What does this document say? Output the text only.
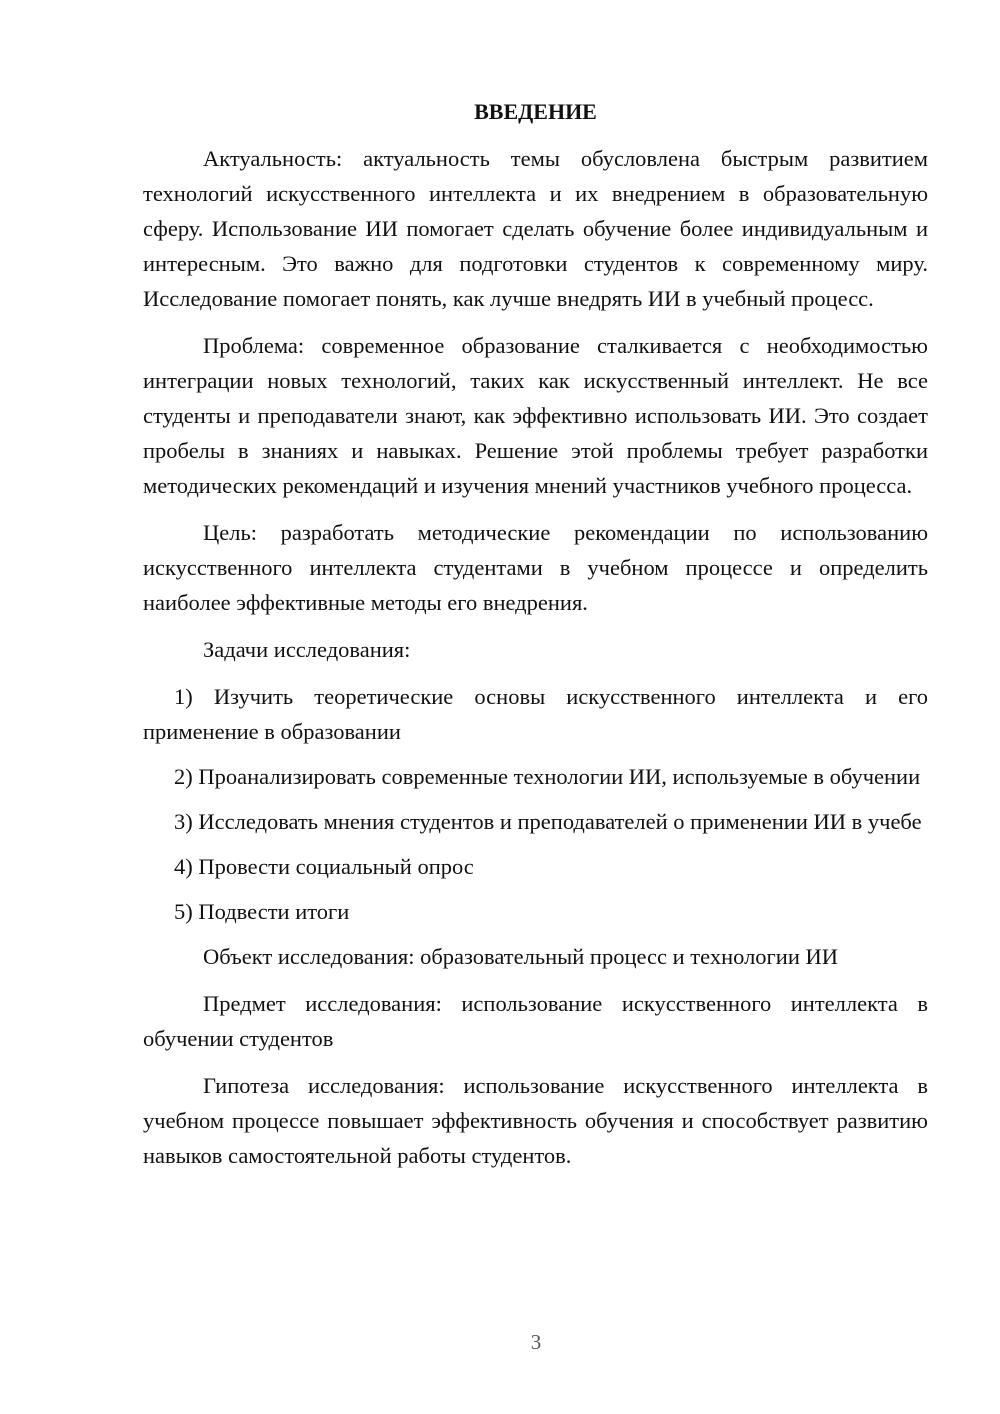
ВВЕДЕНИЕ

Актуальность: актуальность темы обусловлена быстрым развитием технологий искусственного интеллекта и их внедрением в образовательную сферу. Использование ИИ помогает сделать обучение более индивидуальным и интересным. Это важно для подготовки студентов к современному миру. Исследование помогает понять, как лучше внедрять ИИ в учебный процесс.

Проблема: современное образование сталкивается с необходимостью интеграции новых технологий, таких как искусственный интеллект. Не все студенты и преподаватели знают, как эффективно использовать ИИ. Это создает пробелы в знаниях и навыках. Решение этой проблемы требует разработки методических рекомендаций и изучения мнений участников учебного процесса.

Цель: разработать методические рекомендации по использованию искусственного интеллекта студентами в учебном процессе и определить наиболее эффективные методы его внедрения.

Задачи исследования:

1) Изучить теоретические основы искусственного интеллекта и его применение в образовании

2) Проанализировать современные технологии ИИ, используемые в обучении

3) Исследовать мнения студентов и преподавателей о применении ИИ в учебе

4) Провести социальный опрос

5) Подвести итоги

Объект исследования: образовательный процесс и технологии ИИ

Предмет исследования: использование искусственного интеллекта в обучении студентов

Гипотеза исследования: использование искусственного интеллекта в учебном процессе повышает эффективность обучения и способствует развитию навыков самостоятельной работы студентов.

3
